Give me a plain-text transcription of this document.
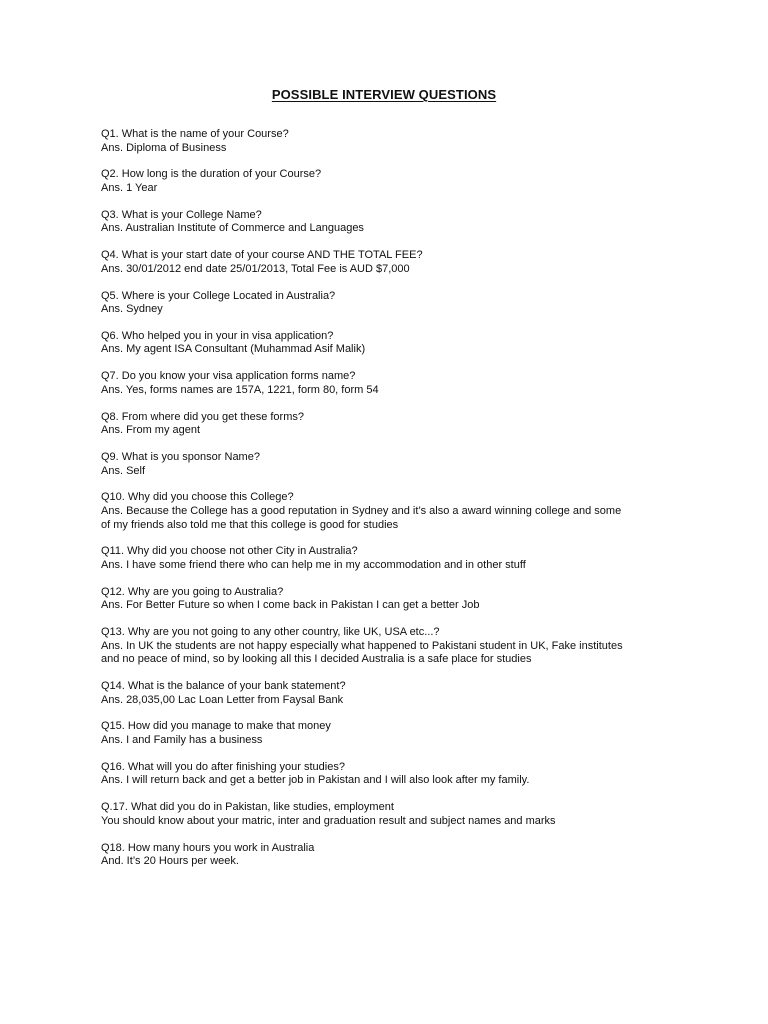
POSSIBLE INTERVIEW QUESTIONS
Q1. What is the name of your Course?
Ans. Diploma of Business
Q2. How long is the duration of your Course?
Ans. 1 Year
Q3. What is your College Name?
Ans. Australian Institute of Commerce and Languages
Q4. What is your start date of your course AND THE TOTAL FEE?
Ans. 30/01/2012 end date 25/01/2013, Total Fee is AUD $7,000
Q5. Where is your College Located in Australia?
Ans. Sydney
Q6. Who helped you in your in visa application?
Ans. My agent ISA Consultant (Muhammad Asif Malik)
Q7. Do you know your visa application forms name?
Ans. Yes, forms names are 157A, 1221, form 80, form 54
Q8. From where did you get these forms?
Ans. From my agent
Q9. What is you sponsor Name?
Ans. Self
Q10. Why did you choose this College?
Ans. Because the College has a good reputation in Sydney and it’s also a award winning college and some
of my friends also told me that this college is good for studies
Q11. Why did you choose not other City in Australia?
Ans. I have some friend there who can help me in my accommodation and in other stuff
Q12. Why are you going to Australia?
Ans. For Better Future so when I come back in Pakistan I can get a better Job
Q13. Why are you not going to any other country, like UK, USA etc...?
Ans. In UK the students are not happy especially what happened to Pakistani student in UK, Fake institutes
and no peace of mind, so by looking all this I decided Australia is a safe place for studies
Q14. What is the balance of your bank statement?
Ans. 28,035,00 Lac Loan Letter from Faysal Bank
Q15. How did you manage to make that money
Ans. I and Family has a business
Q16. What will you do after finishing your studies?
Ans. I will return back and get a better job in Pakistan and I will also look after my family.
Q.17. What did you do in Pakistan, like studies, employment
You should know about your matric, inter and graduation result and subject names and marks
Q18. How many hours you work in Australia
And. It’s 20 Hours per week.
